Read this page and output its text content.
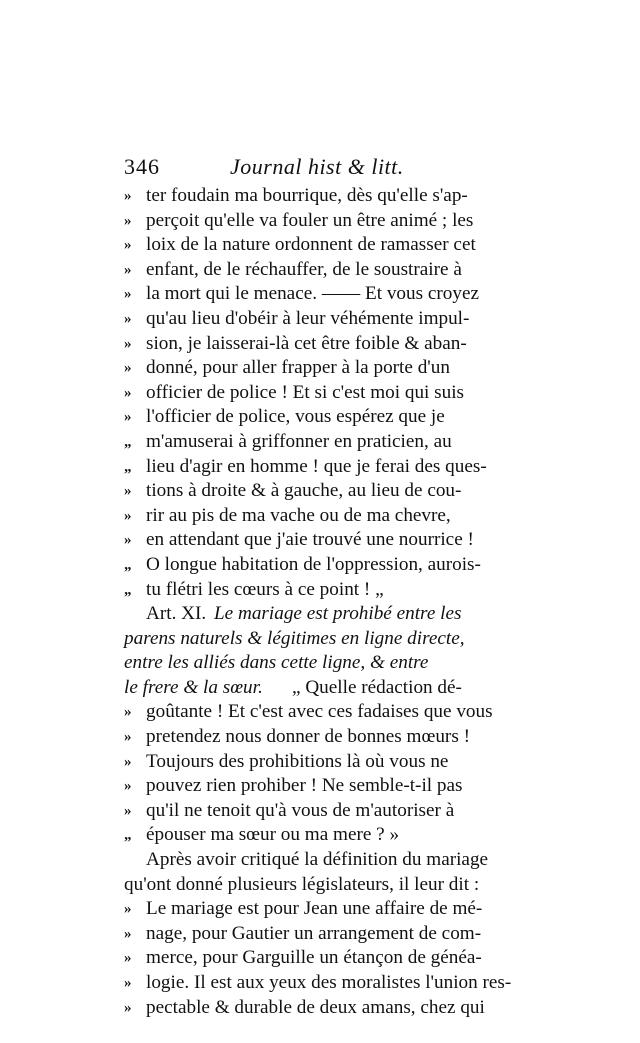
346	Journal hist & litt.
» ter foudain ma bourrique, dès qu'elle s'ap-
» perçoit qu'elle va fouler un être animé ; les
» loix de la nature ordonnent de ramasser cet
» enfant, de le réchauffer, de le soustraire à
» la mort qui le menace. —— Et vous croyez
» qu'au lieu d'obéir à leur véhémente impul-
» sion, je laisserai-là cet être foible & aban-
» donné, pour aller frapper à la porte d'un
» officier de police ! Et si c'est moi qui suis
» l'officier de police, vous espérez que je
„ m'amuserai à griffonner en praticien, au
„ lieu d'agir en homme ! que je ferai des ques-
» tions à droite & à gauche, au lieu de cou-
» rir au pis de ma vache ou de ma chevre,
» en attendant que j'aie trouvé une nourrice !
„ O longue habitation de l'oppression, aurois-
„ tu flétri les cœurs à ce point ! „
Art. XI. Le mariage est prohibé entre les
parens naturels & légitimes en ligne directe,
entre les alliés dans cette ligne, & entre
le frere & la sœur. „ Quelle rédaction dé-
» goûtante ! Et c'est avec ces fadaises que vous
» pretendez nous donner de bonnes mœurs !
» Toujours des prohibitions là où vous ne
» pouvez rien prohiber ! Ne semble-t-il pas
» qu'il ne tenoit qu'à vous de m'autoriser à
„ épouser ma sœur ou ma mere ? »
Après avoir critiqué la définition du mariage
qu'ont donné plusieurs législateurs, il leur dit :
» Le mariage est pour Jean une affaire de mé-
» nage, pour Gautier un arrangement de com-
» merce, pour Garguille un étançon de généa-
» logie. Il est aux yeux des moralistes l'union res-
» pectable & durable de deux amans, chez qui
